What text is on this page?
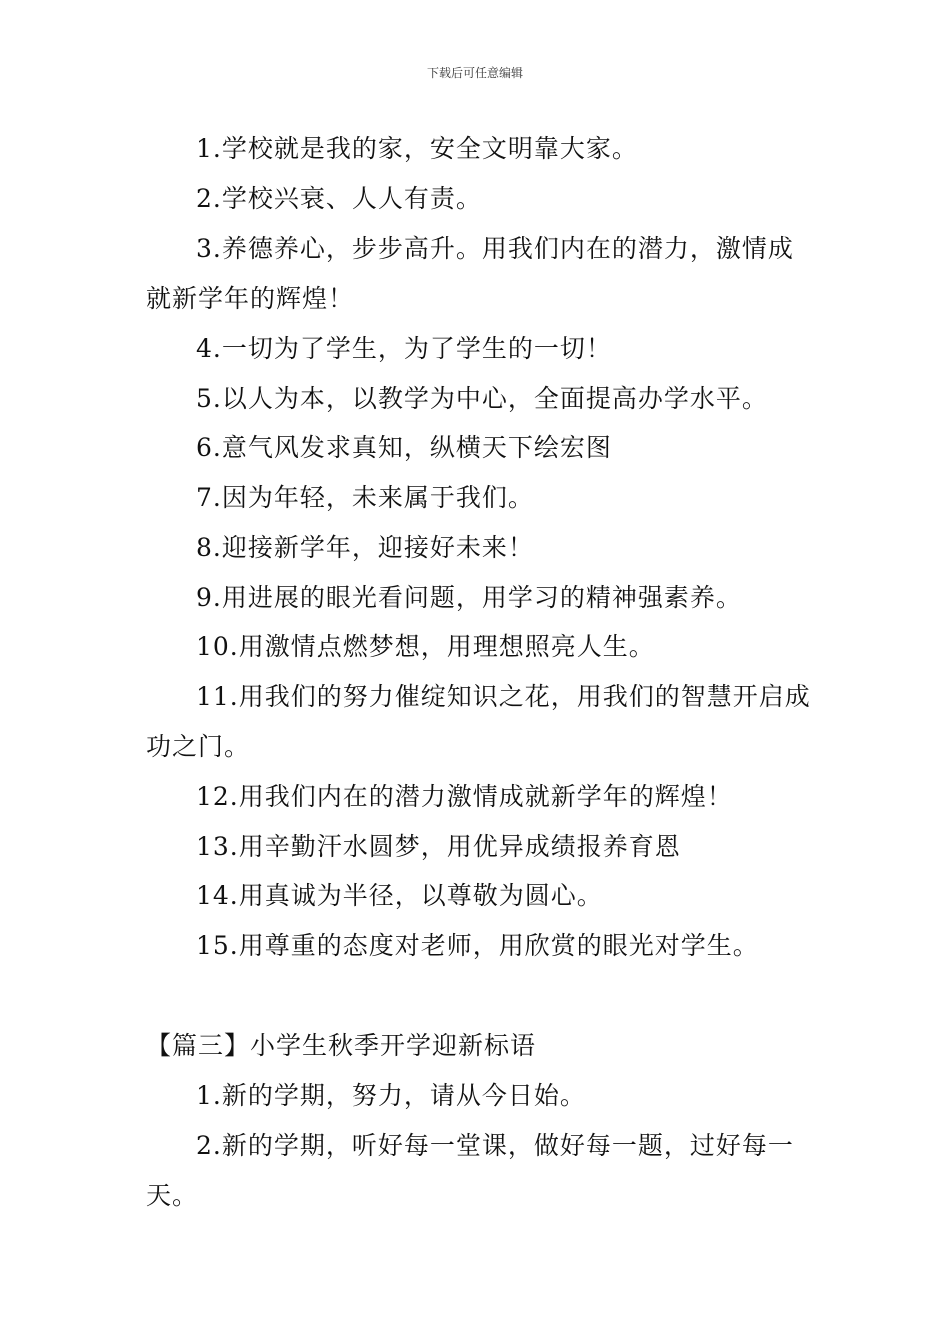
下载后可任意编辑
1.学校就是我的家，安全文明靠大家。
2.学校兴衰、人人有责。
3.养德养心，步步高升。用我们内在的潜力，激情成
就新学年的辉煌！
4.一切为了学生，为了学生的一切！
5.以人为本，以教学为中心，全面提高办学水平。
6.意气风发求真知，纵横天下绘宏图
7.因为年轻，未来属于我们。
8.迎接新学年，迎接好未来！
9.用进展的眼光看问题，用学习的精神强素养。
10.用激情点燃梦想，用理想照亮人生。
11.用我们的努力催绽知识之花，用我们的智慧开启成
功之门。
12.用我们内在的潜力激情成就新学年的辉煌！
13.用辛勤汗水圆梦，用优异成绩报养育恩
14.用真诚为半径，以尊敬为圆心。
15.用尊重的态度对老师，用欣赏的眼光对学生。
【篇三】小学生秋季开学迎新标语
1.新的学期，努力，请从今日始。
2.新的学期，听好每一堂课，做好每一题，过好每一
天。
